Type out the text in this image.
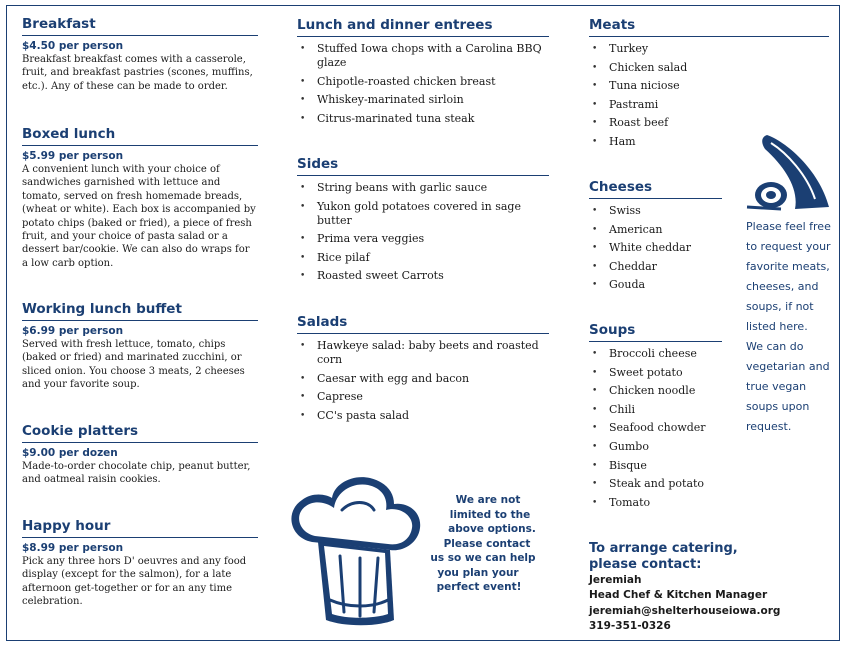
Breakfast
$4.50 per person
Breakfast breakfast comes with a casserole, fruit, and breakfast pastries (scones, muffins, etc.). Any of these can be made to order.
Boxed lunch
$5.99 per person
A convenient lunch with your choice of sandwiches garnished with lettuce and tomato, served on fresh homemade breads, (wheat or white). Each box is accompanied by potato chips (baked or fried), a piece of fresh fruit, and your choice of pasta salad or a dessert bar/cookie. We can also do wraps for a low carb option.
Working lunch buffet
$6.99 per person
Served with fresh lettuce, tomato, chips (baked or fried) and marinated zucchini, or sliced onion. You choose 3 meats, 2 cheeses and your favorite soup.
Cookie platters
$9.00 per dozen
Made-to-order chocolate chip, peanut butter, and oatmeal raisin cookies.
Happy hour
$8.99 per person
Pick any three hors D' oeuvres and any food display (except for the salmon), for a late afternoon get-together or for an any time celebration.
Lunch and dinner entrees
• Stuffed Iowa chops with a Carolina BBQ glaze
• Chipotle-roasted chicken breast
• Whiskey-marinated sirloin
• Citrus-marinated tuna steak
Sides
• String beans with garlic sauce
• Yukon gold potatoes covered in sage butter
• Prima vera veggies
• Rice pilaf
• Roasted sweet Carrots
Salads
• Hawkeye salad: baby beets and roasted corn
• Caesar with egg and bacon
• Caprese
• CC's pasta salad
We are not
limited to the
above options.
Please contact
us so we can help
you plan your
perfect event!
Meats
• Turkey
• Chicken salad
• Tuna niciose
• Pastrami
• Roast beef
• Ham
Cheeses
• Swiss
• American
• White cheddar
• Cheddar
• Gouda
Soups
• Broccoli cheese
• Sweet potato
• Chicken noodle
• Chili
• Seafood chowder
• Gumbo
• Bisque
• Steak and potato
• Tomato
Please feel free
to request your
favorite meats,
cheeses, and
soups, if not
listed here.
We can do
vegetarian and
true vegan
soups upon
request.
To arrange catering,
please contact:
Jeremiah
Head Chef & Kitchen Manager
jeremiah@shelterhouseiowa.org
319-351-0326
